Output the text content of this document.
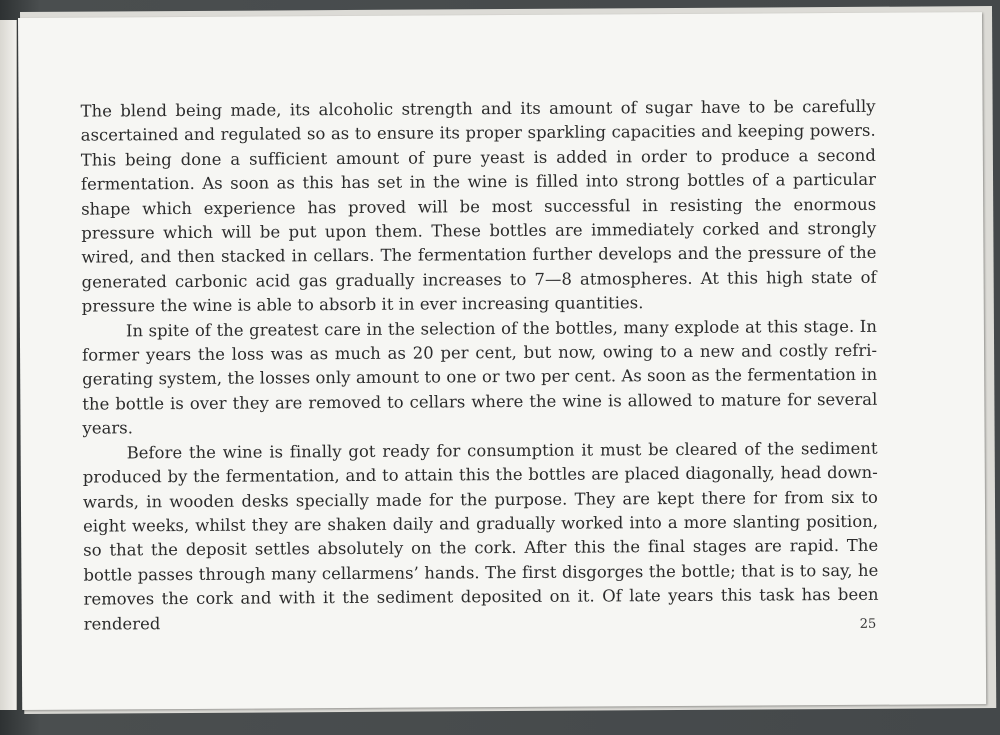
The blend being made, its alcoholic strength and its amount of sugar have to be carefully ascertained and regulated so as to ensure its proper sparkling capacities and keeping powers. This being done a sufficient amount of pure yeast is added in order to produce a second fermentation. As soon as this has set in the wine is filled into strong bottles of a particular shape which experience has proved will be most successful in resisting the enormous pressure which will be put upon them. These bottles are immediately corked and strongly wired, and then stacked in cellars. The fermentation further develops and the pressure of the generated carbonic acid gas gradually increases to 7—8 atmospheres. At this high state of pressure the wine is able to absorb it in ever increasing quantities.

In spite of the greatest care in the selection of the bottles, many explode at this stage. In former years the loss was as much as 20 per cent, but now, owing to a new and costly refrigerating system, the losses only amount to one or two per cent. As soon as the fermentation in the bottle is over they are removed to cellars where the wine is allowed to mature for several years.

Before the wine is finally got ready for consumption it must be cleared of the sediment produced by the fermentation, and to attain this the bottles are placed diagonally, head downwards, in wooden desks specially made for the purpose. They are kept there for from six to eight weeks, whilst they are shaken daily and gradually worked into a more slanting position, so that the deposit settles absolutely on the cork. After this the final stages are rapid. The bottle passes through many cellarmens’ hands. The first disgorges the bottle; that is to say, he removes the cork and with it the sediment deposited on it. Of late years this task has been rendered	25
